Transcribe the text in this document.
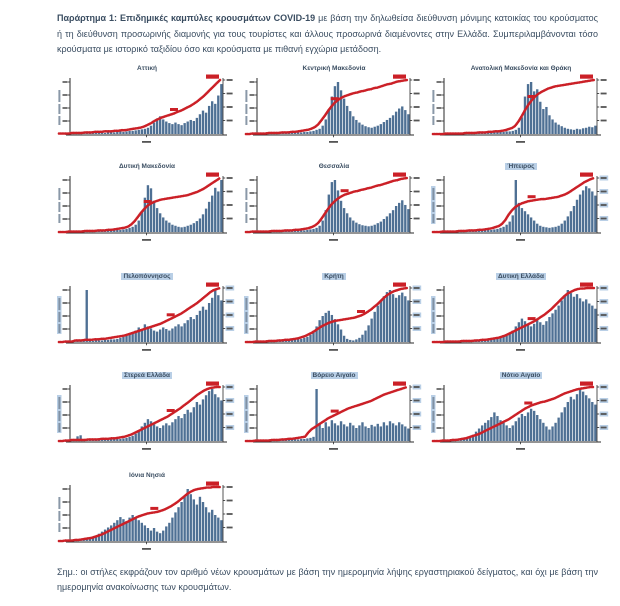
Παράρτημα 1: Επιδημικές καμπύλες κρουσμάτων COVID-19 με βάση την δηλωθείσα διεύθυνση μόνιμης κατοικίας του κρούσματος ή τη διεύθυνση προσωρινής διαμονής για τους τουρίστες και άλλους προσωρινά διαμένοντες στην Ελλάδα. Συμπεριλαμβάνονται τόσο κρούσματα με ιστορικό ταξιδίου όσο και κρούσματα με πιθανή εγχώρια μετάδοση.
Αττική	Κεντρική Μακεδονία	Ανατολική Μακεδονία και Θράκη
Δυτική Μακεδονία	Θεσσαλία	Ήπειρος
Πελοπόννησος	Κρήτη	Δυτική Ελλάδα
Στερεά Ελλάδα	Βόρειο Αιγαίο	Νότιο Αιγαίο
Ιόνια Νησιά
Σημ.: οι στήλες εκφράζουν τον αριθμό νέων κρουσμάτων με βάση την ημερομηνία λήψης εργαστηριακού δείγματος, και όχι με βάση την ημερομηνία ανακοίνωσης των κρουσμάτων.
